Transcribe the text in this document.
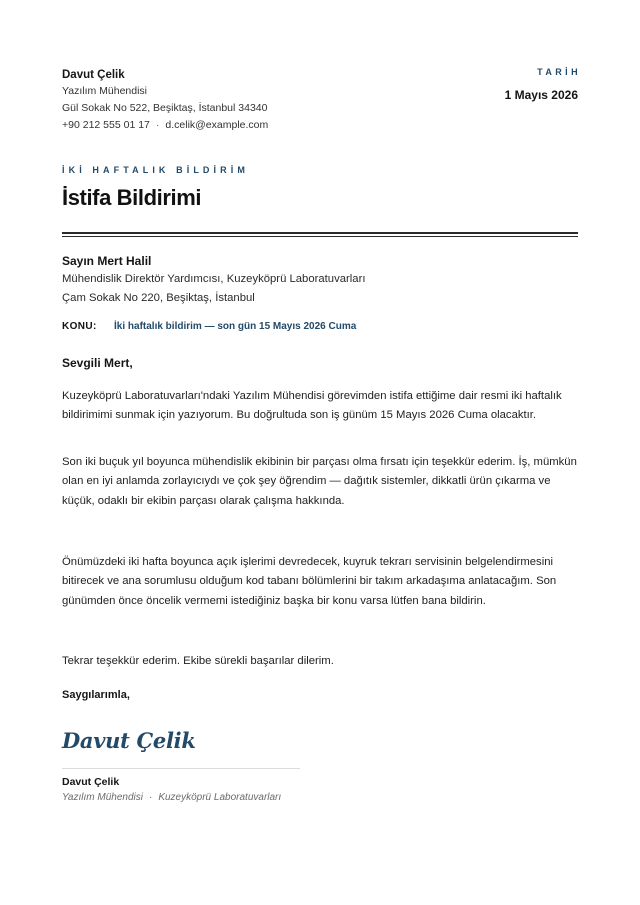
Davut Çelik
Yazılım Mühendisi
Gül Sokak No 522, Beşiktaş, İstanbul 34340
+90 212 555 01 17 · d.celik@example.com
TARİH
1 Mayıs 2026
İKİ HAFTALIK BİLDİRİM
İstifa Bildirimi
Sayın Mert Halil
Mühendislik Direktör Yardımcısı, Kuzeyköprü Laboratuvarları
Çam Sokak No 220, Beşiktaş, İstanbul
KONU: İki haftalık bildirim — son gün 15 Mayıs 2026 Cuma
Sevgili Mert,

Kuzeyköprü Laboratuvarları'ndaki Yazılım Mühendisi görevimden istifa ettiğime dair resmi iki haftalık bildirimimi sunmak için yazıyorum. Bu doğrultuda son iş günüm 15 Mayıs 2026 Cuma olacaktır.

Son iki buçuk yıl boyunca mühendislik ekibinin bir parçası olma fırsatı için teşekkür ederim. İş, mümkün olan en iyi anlamda zorlayıcıydı ve çok şey öğrendim — dağıtık sistemler, dikkatli ürün çıkarma ve küçük, odaklı bir ekibin parçası olarak çalışma hakkında.

Önümüzdeki iki hafta boyunca açık işlerimi devredecek, kuyruk tekrarı servisinin belgelendirmesini bitirecek ve ana sorumlusu olduğum kod tabanı bölümlerini bir takım arkadaşıma anlatacağım. Son günümden önce öncelik vermemi istediğiniz başka bir konu varsa lütfen bana bildirin.

Tekrar teşekkür ederim. Ekibe sürekli başarılar dilerim.

Saygılarımla,
Davut Çelik
Davut Çelik
Yazılım Mühendisi · Kuzeyköprü Laboratuvarları
